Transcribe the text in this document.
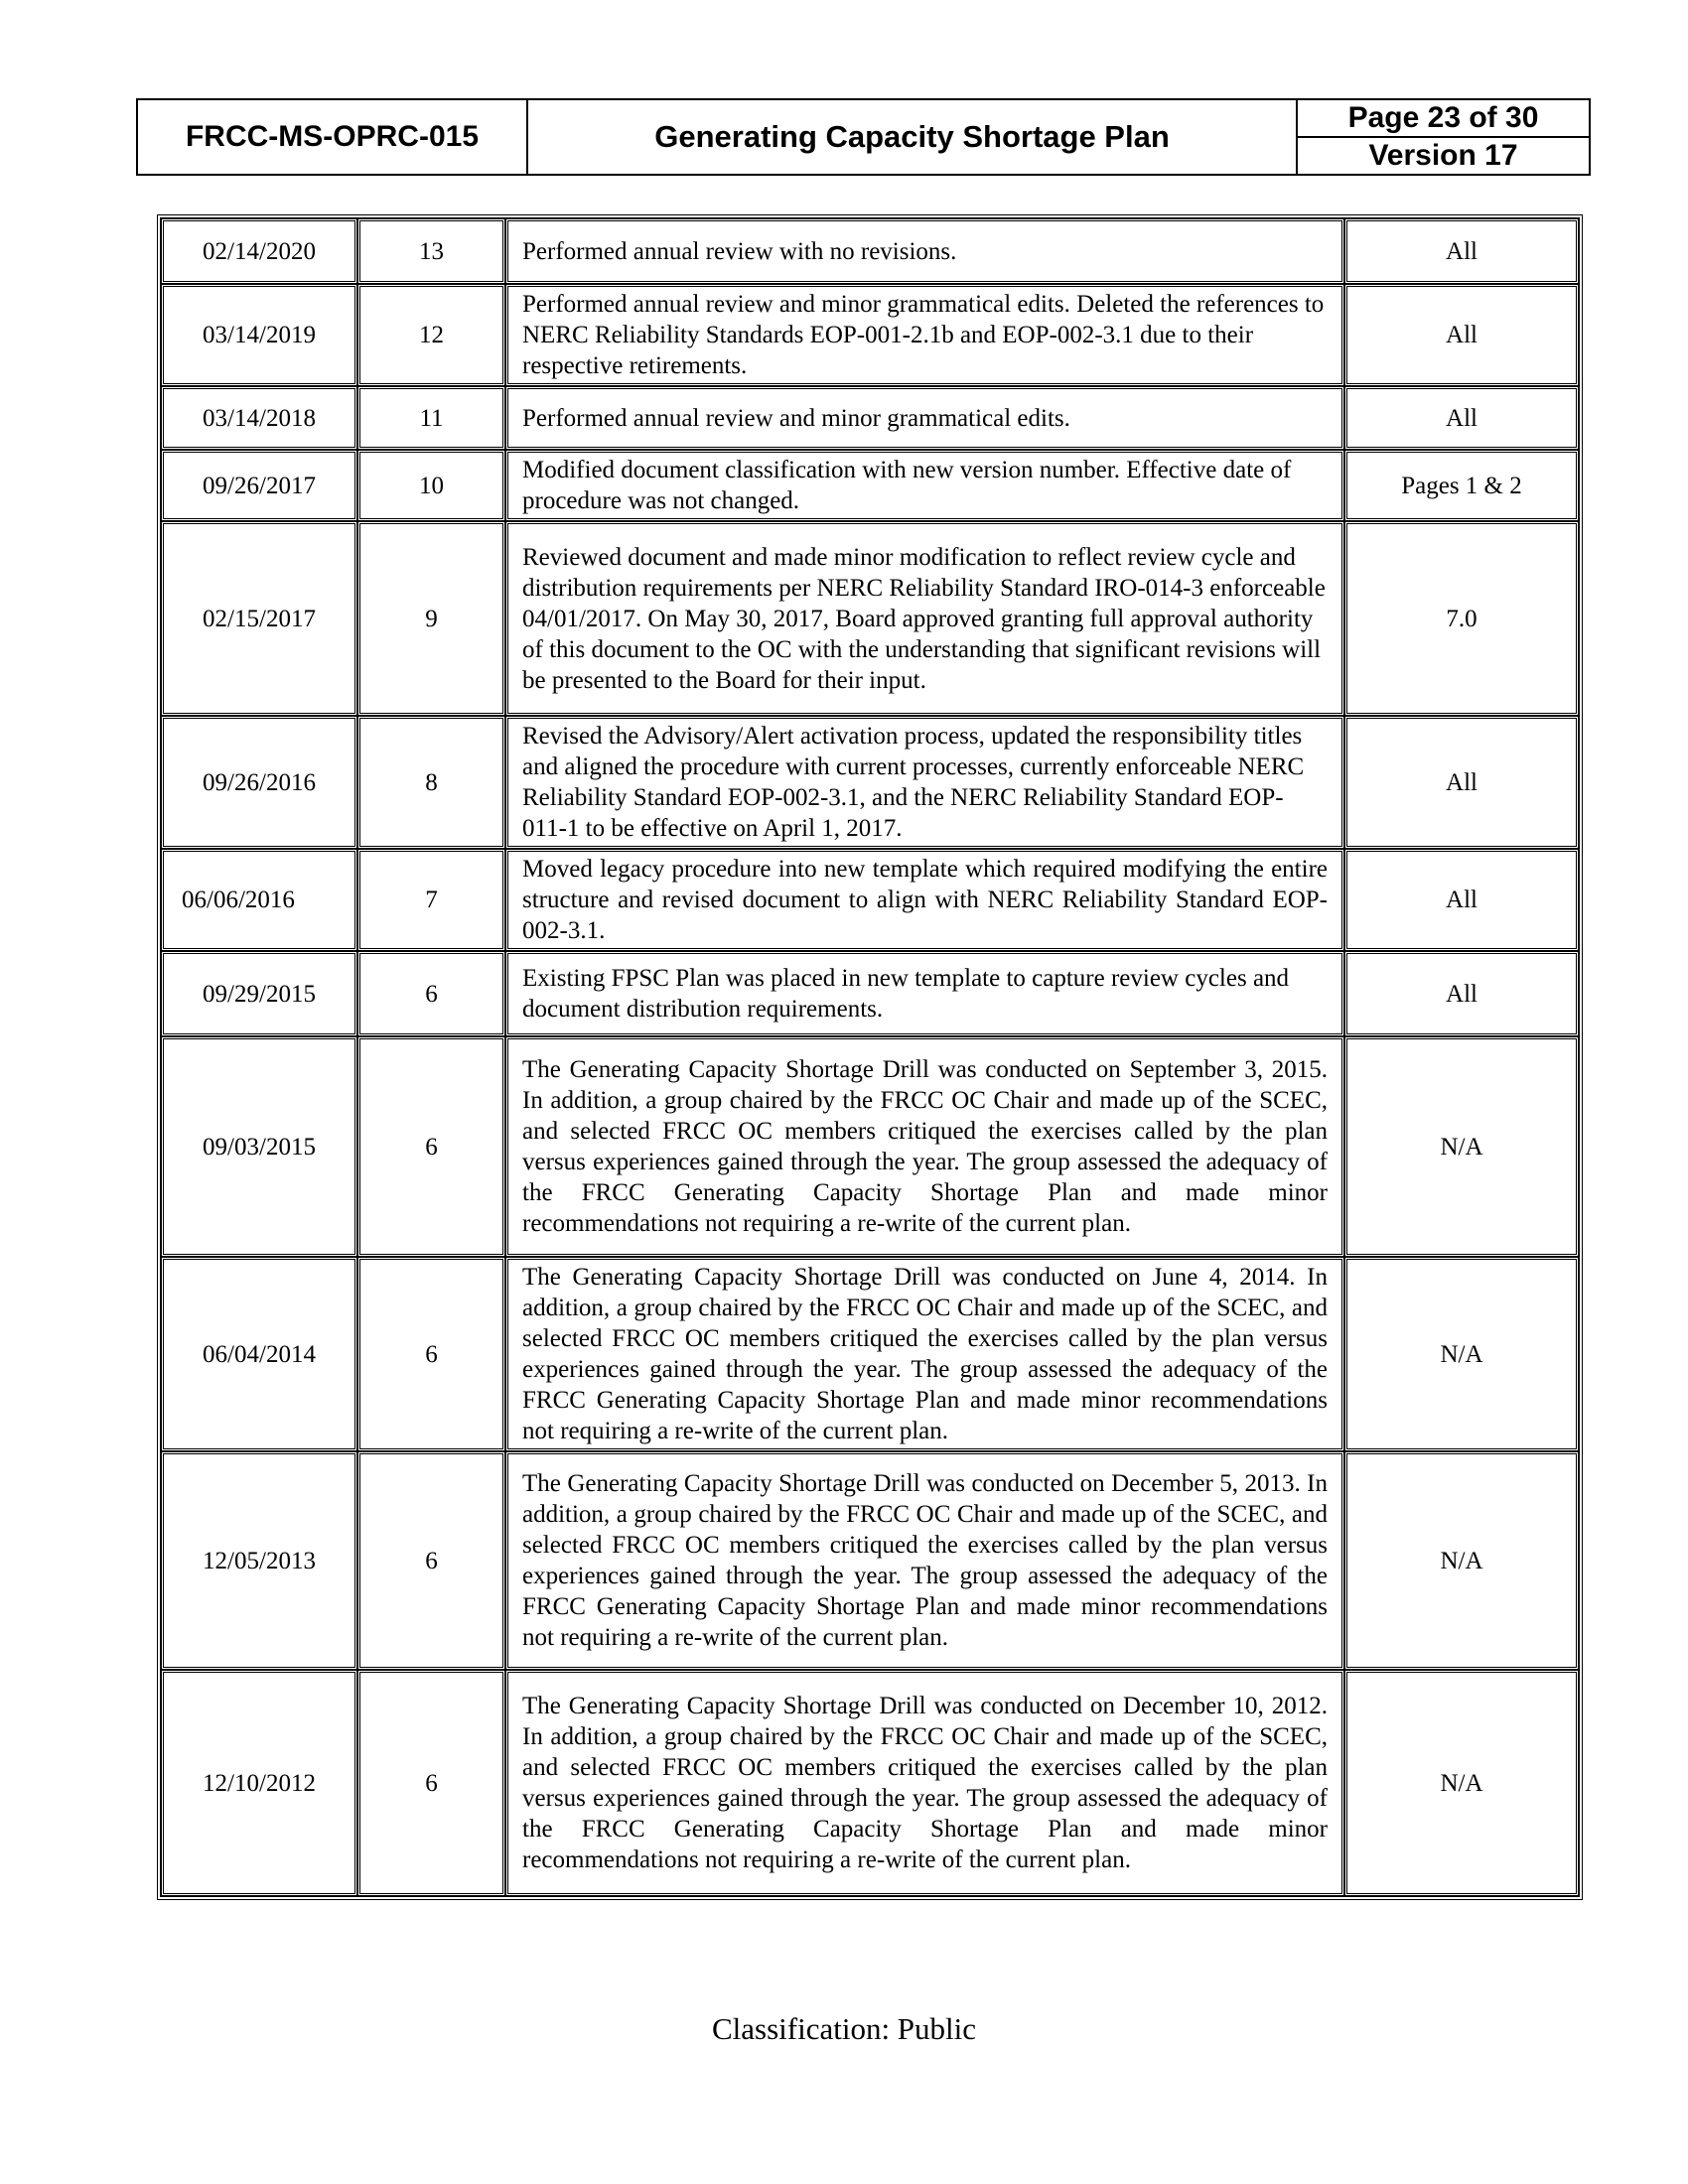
FRCC-MS-OPRC-015	Generating Capacity Shortage Plan
Page 23 of 30
Version 17
02/14/2020	13	Performed annual review with no revisions.	All
03/14/2019	12	Performed annual review and minor grammatical edits. Deleted the references to NERC Reliability Standards EOP-001-2.1b and EOP-002-3.1 due to their respective retirements.	All
03/14/2018	11	Performed annual review and minor grammatical edits.	All
09/26/2017	10	Modified document classification with new version number. Effective date of procedure was not changed.	Pages 1 & 2
02/15/2017	9	Reviewed document and made minor modification to reflect review cycle and distribution requirements per NERC Reliability Standard IRO-014-3 enforceable 04/01/2017. On May 30, 2017, Board approved granting full approval authority of this document to the OC with the understanding that significant revisions will be presented to the Board for their input.	7.0
09/26/2016	8	Revised the Advisory/Alert activation process, updated the responsibility titles and aligned the procedure with current processes, currently enforceable NERC Reliability Standard EOP-002-3.1, and the NERC Reliability Standard EOP-011-1 to be effective on April 1, 2017.	All
06/06/2016	7	Moved legacy procedure into new template which required modifying the entire structure and revised document to align with NERC Reliability Standard EOP-002-3.1.	All
09/29/2015	6	Existing FPSC Plan was placed in new template to capture review cycles and document distribution requirements.	All
09/03/2015	6	The Generating Capacity Shortage Drill was conducted on September 3, 2015. In addition, a group chaired by the FRCC OC Chair and made up of the SCEC, and selected FRCC OC members critiqued the exercises called by the plan versus experiences gained through the year. The group assessed the adequacy of the FRCC Generating Capacity Shortage Plan and made minor recommendations not requiring a re-write of the current plan.	N/A
06/04/2014	6	The Generating Capacity Shortage Drill was conducted on June 4, 2014. In addition, a group chaired by the FRCC OC Chair and made up of the SCEC, and selected FRCC OC members critiqued the exercises called by the plan versus experiences gained through the year. The group assessed the adequacy of the FRCC Generating Capacity Shortage Plan and made minor recommendations not requiring a re-write of the current plan.	N/A
12/05/2013	6	The Generating Capacity Shortage Drill was conducted on December 5, 2013. In addition, a group chaired by the FRCC OC Chair and made up of the SCEC, and selected FRCC OC members critiqued the exercises called by the plan versus experiences gained through the year. The group assessed the adequacy of the FRCC Generating Capacity Shortage Plan and made minor recommendations not requiring a re-write of the current plan.	N/A
12/10/2012	6	The Generating Capacity Shortage Drill was conducted on December 10, 2012. In addition, a group chaired by the FRCC OC Chair and made up of the SCEC, and selected FRCC OC members critiqued the exercises called by the plan versus experiences gained through the year. The group assessed the adequacy of the FRCC Generating Capacity Shortage Plan and made minor recommendations not requiring a re-write of the current plan.	N/A
Classification: Public
